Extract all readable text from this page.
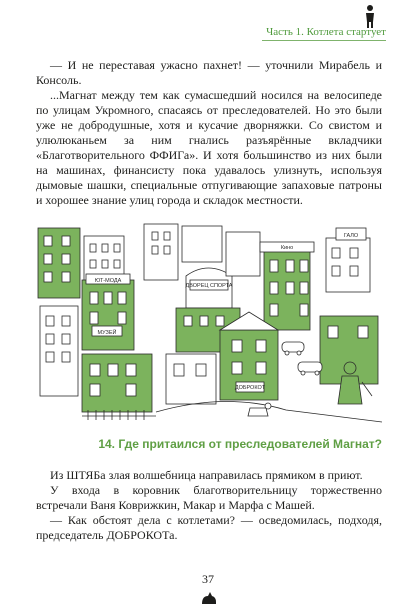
Часть 1. Котлета стартует

— И не переставая ужасно пахнет! — уточнили Мирабель и Консоль.

...Магнат между тем как сумасшедший носился на велосипеде по улицам Укромного, спасаясь от преследователей. Но это были уже не добродушные, хотя и кусачие дворняжки. Со свистом и улюлюканьем за ним гнались разъярённые вкладчики «Благотворительного ФФИГа». И хотя большинство из них были на машинах, финансисту пока удавалось улизнуть, используя дымовые шашки, специальные отпугивающие запахoвые патроны и хорошее знание улиц города и складок местности.

ДВОРЕЦ СПОРТА
ЮТ-МОДА
МУЗЕЙ
ДОБРОКОТ
Кино
ГАЛО
14. Где притаился от преследователей Магнат?

Из ШТЯБа злая волшебница направилась прямиком в приют.

У входа в коровник благотворительницу торжественно встречали Ваня Коврижкин, Макар и Марфа с Машей.

— Как обстоят дела с котлетами? — осведомилась, подходя, председатель ДОБРОКОТа.

37
